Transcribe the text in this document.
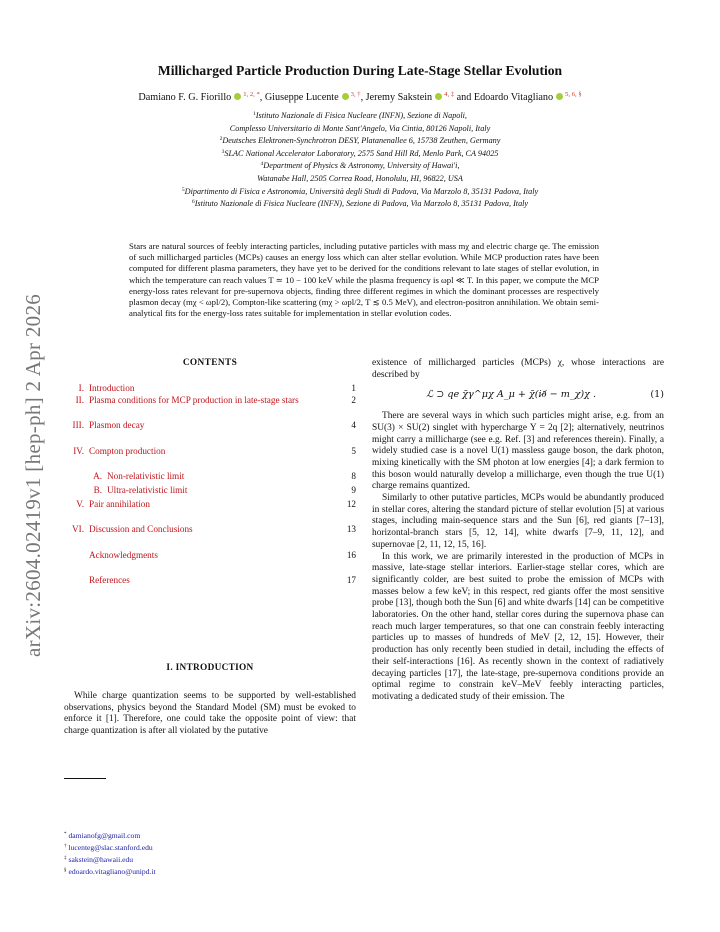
arXiv:2604.02419v1 [hep-ph] 2 Apr 2026
Millicharged Particle Production During Late-Stage Stellar Evolution
Damiano F. G. Fiorillo $^{1, 2, *}$, Giuseppe Lucente $^{3, \dagger}$, Jeremy Sakstein $^{4, \ddagger}$ and Edoardo Vitagliano $^{5, 6, \S}$
$^1$Istituto Nazionale di Fisica Nucleare (INFN), Sezione di Napoli,
Complesso Universitario di Monte Sant'Angelo, Via Cintia, 80126 Napoli, Italy
$^2$Deutsches Elektronen-Synchrotron DESY, Platanenallee 6, 15738 Zeuthen, Germany
$^3$SLAC National Accelerator Laboratory, 2575 Sand Hill Rd, Menlo Park, CA 94025
$^4$Department of Physics & Astronomy, University of Hawai'i,
Watanabe Hall, 2505 Correa Road, Honolulu, HI, 96822, USA
$^5$Dipartimento di Fisica e Astronomia, Università degli Studi di Padova, Via Marzolo 8, 35131 Padova, Italy
$^6$Istituto Nazionale di Fisica Nucleare (INFN), Sezione di Padova, Via Marzolo 8, 35131 Padova, Italy
Stars are natural sources of feebly interacting particles, including putative particles with mass mχ and electric charge qe. The emission of such millicharged particles (MCPs) causes an energy loss which can alter stellar evolution. While MCP production rates have been computed for different plasma parameters, they have yet to be derived for the conditions relevant to late stages of stellar evolution, in which the temperature can reach values T ≃ 10 − 100 keV while the plasma frequency is ωpl ≪ T. In this paper, we compute the MCP energy-loss rates relevant for pre-supernova objects, finding three different regimes in which the dominant processes are respectively plasmon decay (mχ < ωpl/2), Compton-like scattering (mχ > ωpl/2, T ≲ 0.5 MeV), and electron-positron annihilation. We obtain semi-analytical fits for the energy-loss rates suitable for implementation in stellar evolution codes.
CONTENTS
I. Introduction	1
II. Plasma conditions for MCP production in late-stage stars	2
III. Plasmon decay	4
IV. Compton production	5
A. Non-relativistic limit	8
B. Ultra-relativistic limit	9
V. Pair annihilation	12
VI. Discussion and Conclusions	13
Acknowledgments	16
References	17
I. INTRODUCTION
While charge quantization seems to be supported by well-established observations, physics beyond the Standard Model (SM) must be evoked to enforce it [1]. Therefore, one could take the opposite point of view: that charge quantization is after all violated by the putative
* damianofg@gmail.com
† lucenteg@slac.stanford.edu
‡ sakstein@hawaii.edu
§ edoardo.vitagliano@unipd.it

existence of millicharged particles (MCPs) χ, whose interactions are described by

ℒ ⊃ qe χ̄γ^μχ A_μ + χ̄(i∂̸ − m_χ)χ .	(1)

There are several ways in which such particles might arise, e.g. from an SU(3) × SU(2) singlet with hypercharge Y = 2q [2]; alternatively, neutrinos might carry a millicharge (see e.g. Ref. [3] and references therein). Finally, a widely studied case is a novel U(1) massless gauge boson, the dark photon, mixing kinetically with the SM photon at low energies [4]; a dark fermion to this boson would naturally develop a millicharge, even though the true U(1) charge remains quantized.

Similarly to other putative particles, MCPs would be abundantly produced in stellar cores, altering the standard picture of stellar evolution [5] at various stages, including main-sequence stars and the Sun [6], red giants [7–13], horizontal-branch stars [5, 12, 14], white dwarfs [7–9, 11, 12], and supernovae [2, 11, 12, 15, 16].

In this work, we are primarily interested in the production of MCPs in massive, late-stage stellar interiors. Earlier-stage stellar cores, which are significantly colder, are best suited to probe the emission of MCPs with masses below a few keV; in this respect, red giants offer the most sensitive probe [13], though both the Sun [6] and white dwarfs [14] can be competitive laboratories. On the other hand, stellar cores during the supernova phase can reach much larger temperatures, so that one can constrain feebly interacting particles up to masses of hundreds of MeV [2, 12, 15]. However, their production has only recently been studied in detail, including the effects of their self-interactions [16]. As recently shown in the context of radiatively decaying particles [17], the late-stage, pre-supernova conditions provide an optimal regime to constrain keV–MeV feebly interacting particles, motivating a dedicated study of their emission. The
